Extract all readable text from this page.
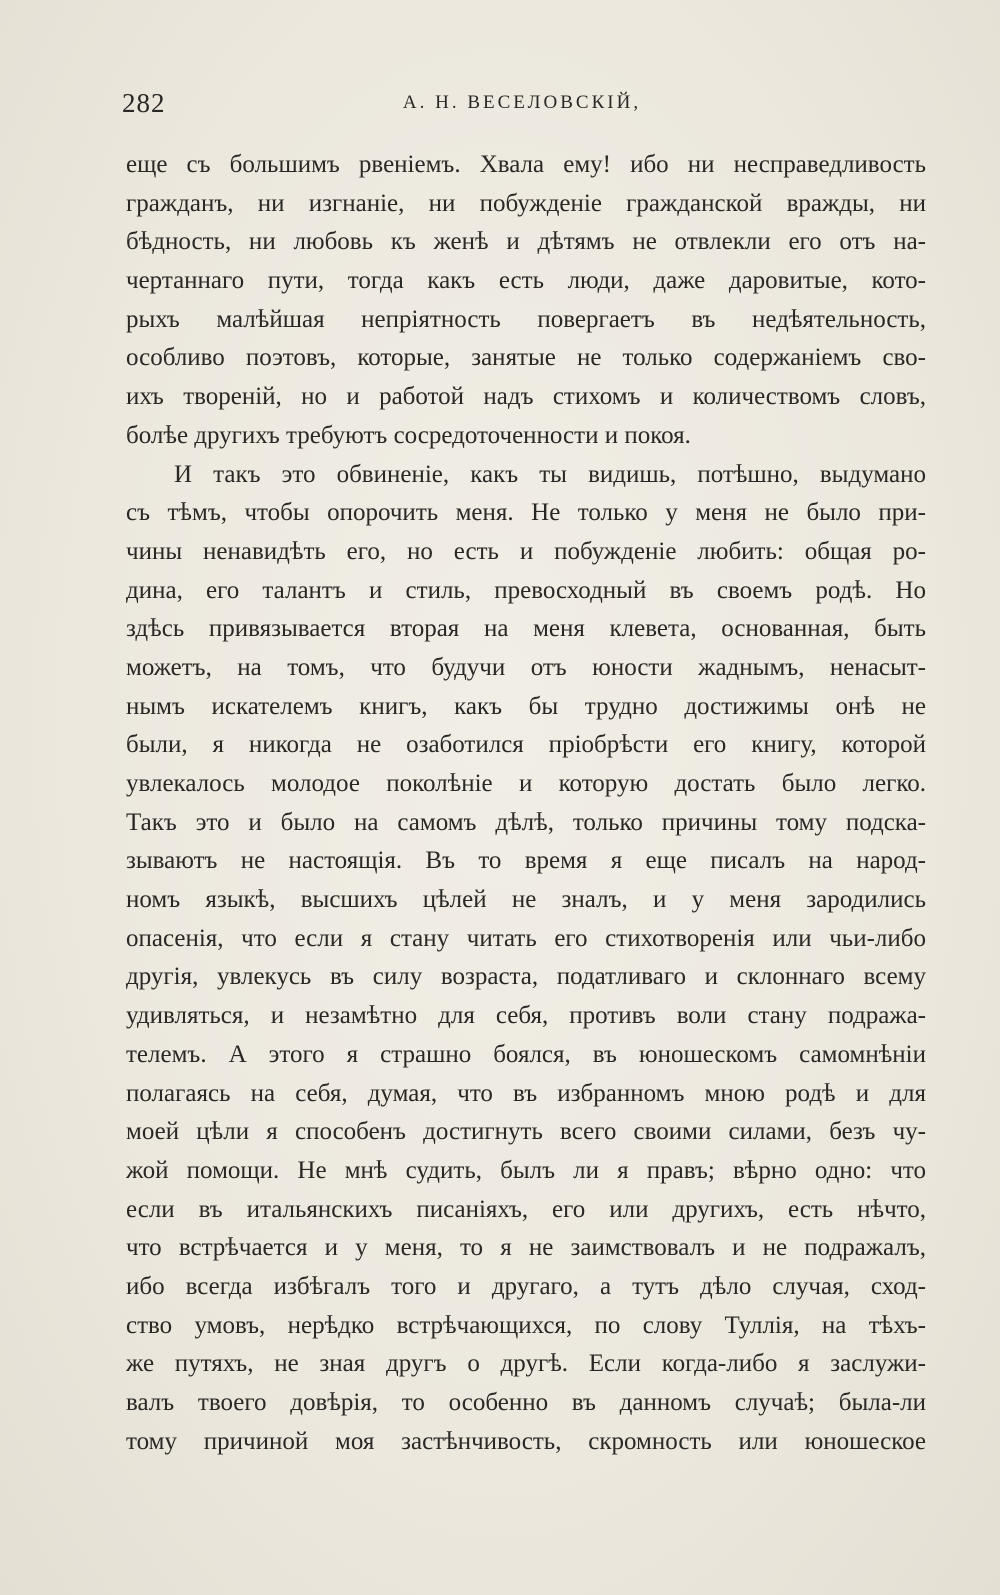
282	А. Н. ВЕСЕЛОВСКІЙ,
еще съ большимъ рвеніемъ. Хвала ему! ибо ни несправедливость
гражданъ, ни изгнаніе, ни побужденіе гражданской вражды, ни
бѣдность, ни любовь къ женѣ и дѣтямъ не отвлекли его отъ на-
чертаннаго пути, тогда какъ есть люди, даже даровитые, кото-
рыхъ малѣйшая непріятность повергаетъ въ недѣятельность,
особливо поэтовъ, которые, занятые не только содержаніемъ сво-
ихъ твореній, но и работой надъ стихомъ и количествомъ словъ,
болѣе другихъ требуютъ сосредоточенности и покоя.
И такъ это обвиненіе, какъ ты видишь, потѣшно, выдумано
съ тѣмъ, чтобы опорочить меня. Не только у меня не было при-
чины ненавидѣть его, но есть и побужденіе любить: общая ро-
дина, его талантъ и стиль, превосходный въ своемъ родѣ. Но
здѣсь привязывается вторая на меня клевета, основанная, быть
можетъ, на томъ, что будучи отъ юности жаднымъ, ненасыт-
нымъ искателемъ книгъ, какъ бы трудно достижимы онѣ не
были, я никогда не озаботился пріобрѣсти его книгу, которой
увлекалось молодое поколѣніе и которую достать было легко.
Такъ это и было на самомъ дѣлѣ, только причины тому подска-
зываютъ не настоящія. Въ то время я еще писалъ на народ-
номъ языкѣ, высшихъ цѣлей не зналъ, и у меня зародились
опасенія, что если я стану читать его стихотворенія или чьи-либо
другія, увлекусь въ силу возраста, податливаго и склоннаго всему
удивляться, и незамѣтно для себя, противъ воли стану подража-
телемъ. А этого я страшно боялся, въ юношескомъ самомнѣніи
полагаясь на себя, думая, что въ избранномъ мною родѣ и для
моей цѣли я способенъ достигнуть всего своими силами, безъ чу-
жой помощи. Не мнѣ судить, былъ ли я правъ; вѣрно одно: что
если въ итальянскихъ писаніяхъ, его или другихъ, есть нѣчто,
что встрѣчается и у меня, то я не заимствовалъ и не подражалъ,
ибо всегда избѣгалъ того и другаго, а тутъ дѣло случая, сход-
ство умовъ, нерѣдко встрѣчающихся, по слову Туллія, на тѣхъ-
же путяхъ, не зная другъ о другѣ. Если когда-либо я заслужи-
валъ твоего довѣрія, то особенно въ данномъ случаѣ; была-ли
тому причиной моя застѣнчивость, скромность или юношеское
